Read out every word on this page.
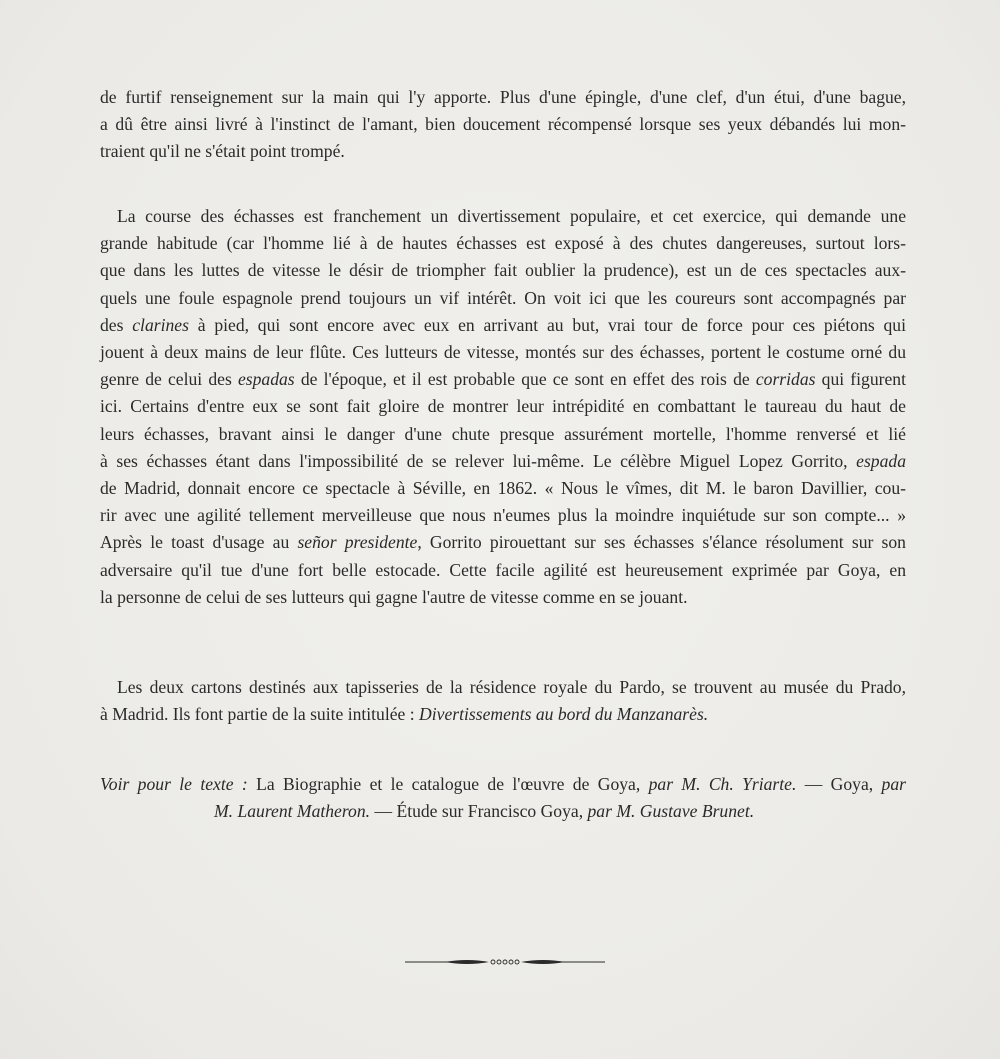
de furtif renseignement sur la main qui l'y apporte. Plus d'une épingle, d'une clef, d'un étui, d'une bague,
a dû être ainsi livré à l'instinct de l'amant, bien doucement récompensé lorsque ses yeux débandés lui mon-
traient qu'il ne s'était point trompé.
La course des échasses est franchement un divertissement populaire, et cet exercice, qui demande une
grande habitude (car l'homme lié à de hautes échasses est exposé à des chutes dangereuses, surtout lors-
que dans les luttes de vitesse le désir de triompher fait oublier la prudence), est un de ces spectacles aux-
quels une foule espagnole prend toujours un vif intérêt. On voit ici que les coureurs sont accompagnés par
des clarines à pied, qui sont encore avec eux en arrivant au but, vrai tour de force pour ces piétons qui
jouent à deux mains de leur flûte. Ces lutteurs de vitesse, montés sur des échasses, portent le costume orné du
genre de celui des espadas de l'époque, et il est probable que ce sont en effet des rois de corridas qui figurent
ici. Certains d'entre eux se sont fait gloire de montrer leur intrépidité en combattant le taureau du haut de
leurs échasses, bravant ainsi le danger d'une chute presque assurément mortelle, l'homme renversé et lié
à ses échasses étant dans l'impossibilité de se relever lui-même. Le célèbre Miguel Lopez Gorrito, espada
de Madrid, donnait encore ce spectacle à Séville, en 1862. « Nous le vîmes, dit M. le baron Davillier, cou-
rir avec une agilité tellement merveilleuse que nous n'eumes plus la moindre inquiétude sur son compte... »
Après le toast d'usage au señor presidente, Gorrito pirouettant sur ses échasses s'élance résolument sur son
adversaire qu'il tue d'une fort belle estocade. Cette facile agilité est heureusement exprimée par Goya, en
la personne de celui de ses lutteurs qui gagne l'autre de vitesse comme en se jouant.
Les deux cartons destinés aux tapisseries de la résidence royale du Pardo, se trouvent au musée du Prado,
à Madrid. Ils font partie de la suite intitulée : Divertissements au bord du Manzanarès.
Voir pour le texte : La Biographie et le catalogue de l'œuvre de Goya, par M. Ch. Yriarte. — Goya, par
M. Laurent Matheron. — Étude sur Francisco Goya, par M. Gustave Brunet.
